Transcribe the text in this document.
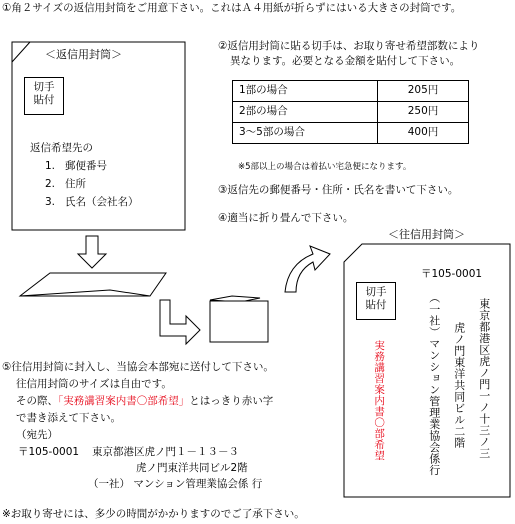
①角２サイズの返信用封筒をご用意下さい。これはＡ４用紙が折らずにはいる大きさの封筒です。
＜返信用封筒＞
切手
貼付
返信希望先の
1. 郵便番号
2. 住所
3. 氏名（会社名）
②返信用封筒に貼る切手は、お取り寄せ希望部数により
異なります。必要となる金額を貼付して下さい。
1部の場合	205円
2部の場合	250円
3～5部の場合	400円
※5部以上の場合は着払い宅急便になります。
③返信先の郵便番号・住所・氏名を書いて下さい。
④適当に折り畳んで下さい。
＜往信用封筒＞
〒105-0001
切手
貼付	東京都港区虎ノ門一ノ十三ノ三
虎ノ門東洋共同ビル二階
（一社）マンション管理業協会係行
実務講習案内書〇部希望
⑤往信用封筒に封入し、当協会本部宛に送付して下さい。
往信用封筒のサイズは自由です。
その際、「実務講習案内書〇部希望」とはっきり赤い字
で書き添えて下さい。
（宛先）
〒105-0001 東京都港区虎ノ門１－１３－３
虎ノ門東洋共同ビル2階
（一社） マンション管理業協会係 行
※お取り寄せには、多少の時間がかかりますのでご了承下さい。
